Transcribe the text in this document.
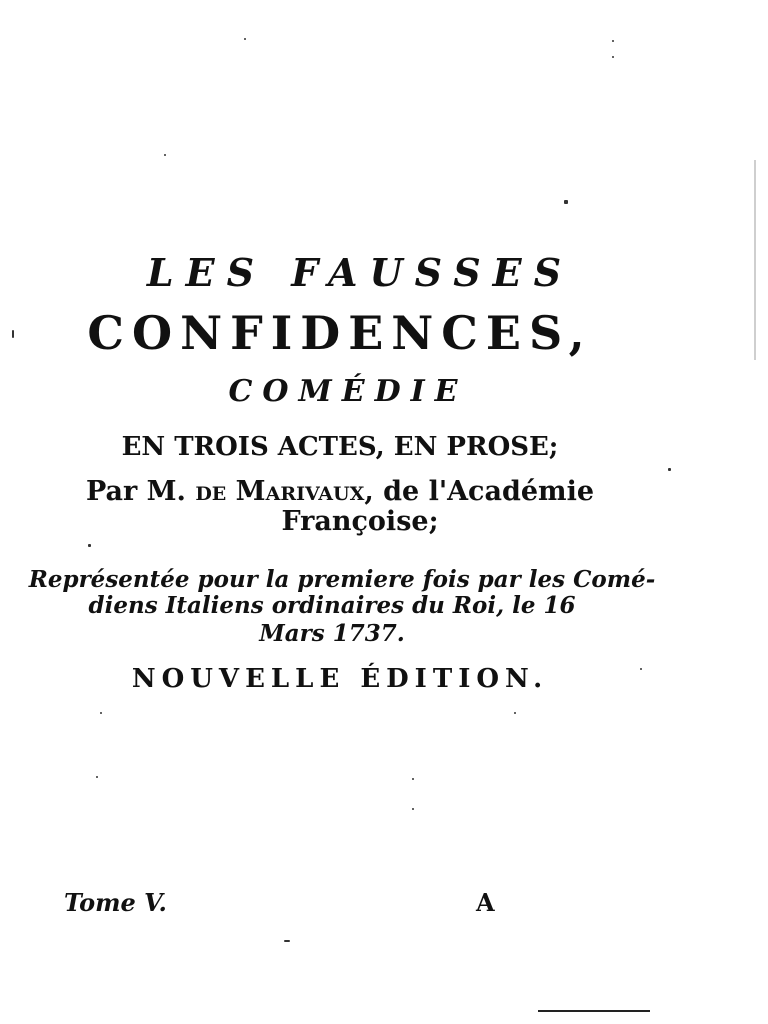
LES FAUSSES
CONFIDENCES,
COMÉDIE
EN TROIS ACTES, EN PROSE;
Par M. de Marivaux, de l'Académie
Françoise;
Représentée pour la premiere fois par les Comé-
diens Italiens ordinaires du Roi, le 16
Mars 1737.
NOUVELLE ÉDITION.
Tome V.	A
